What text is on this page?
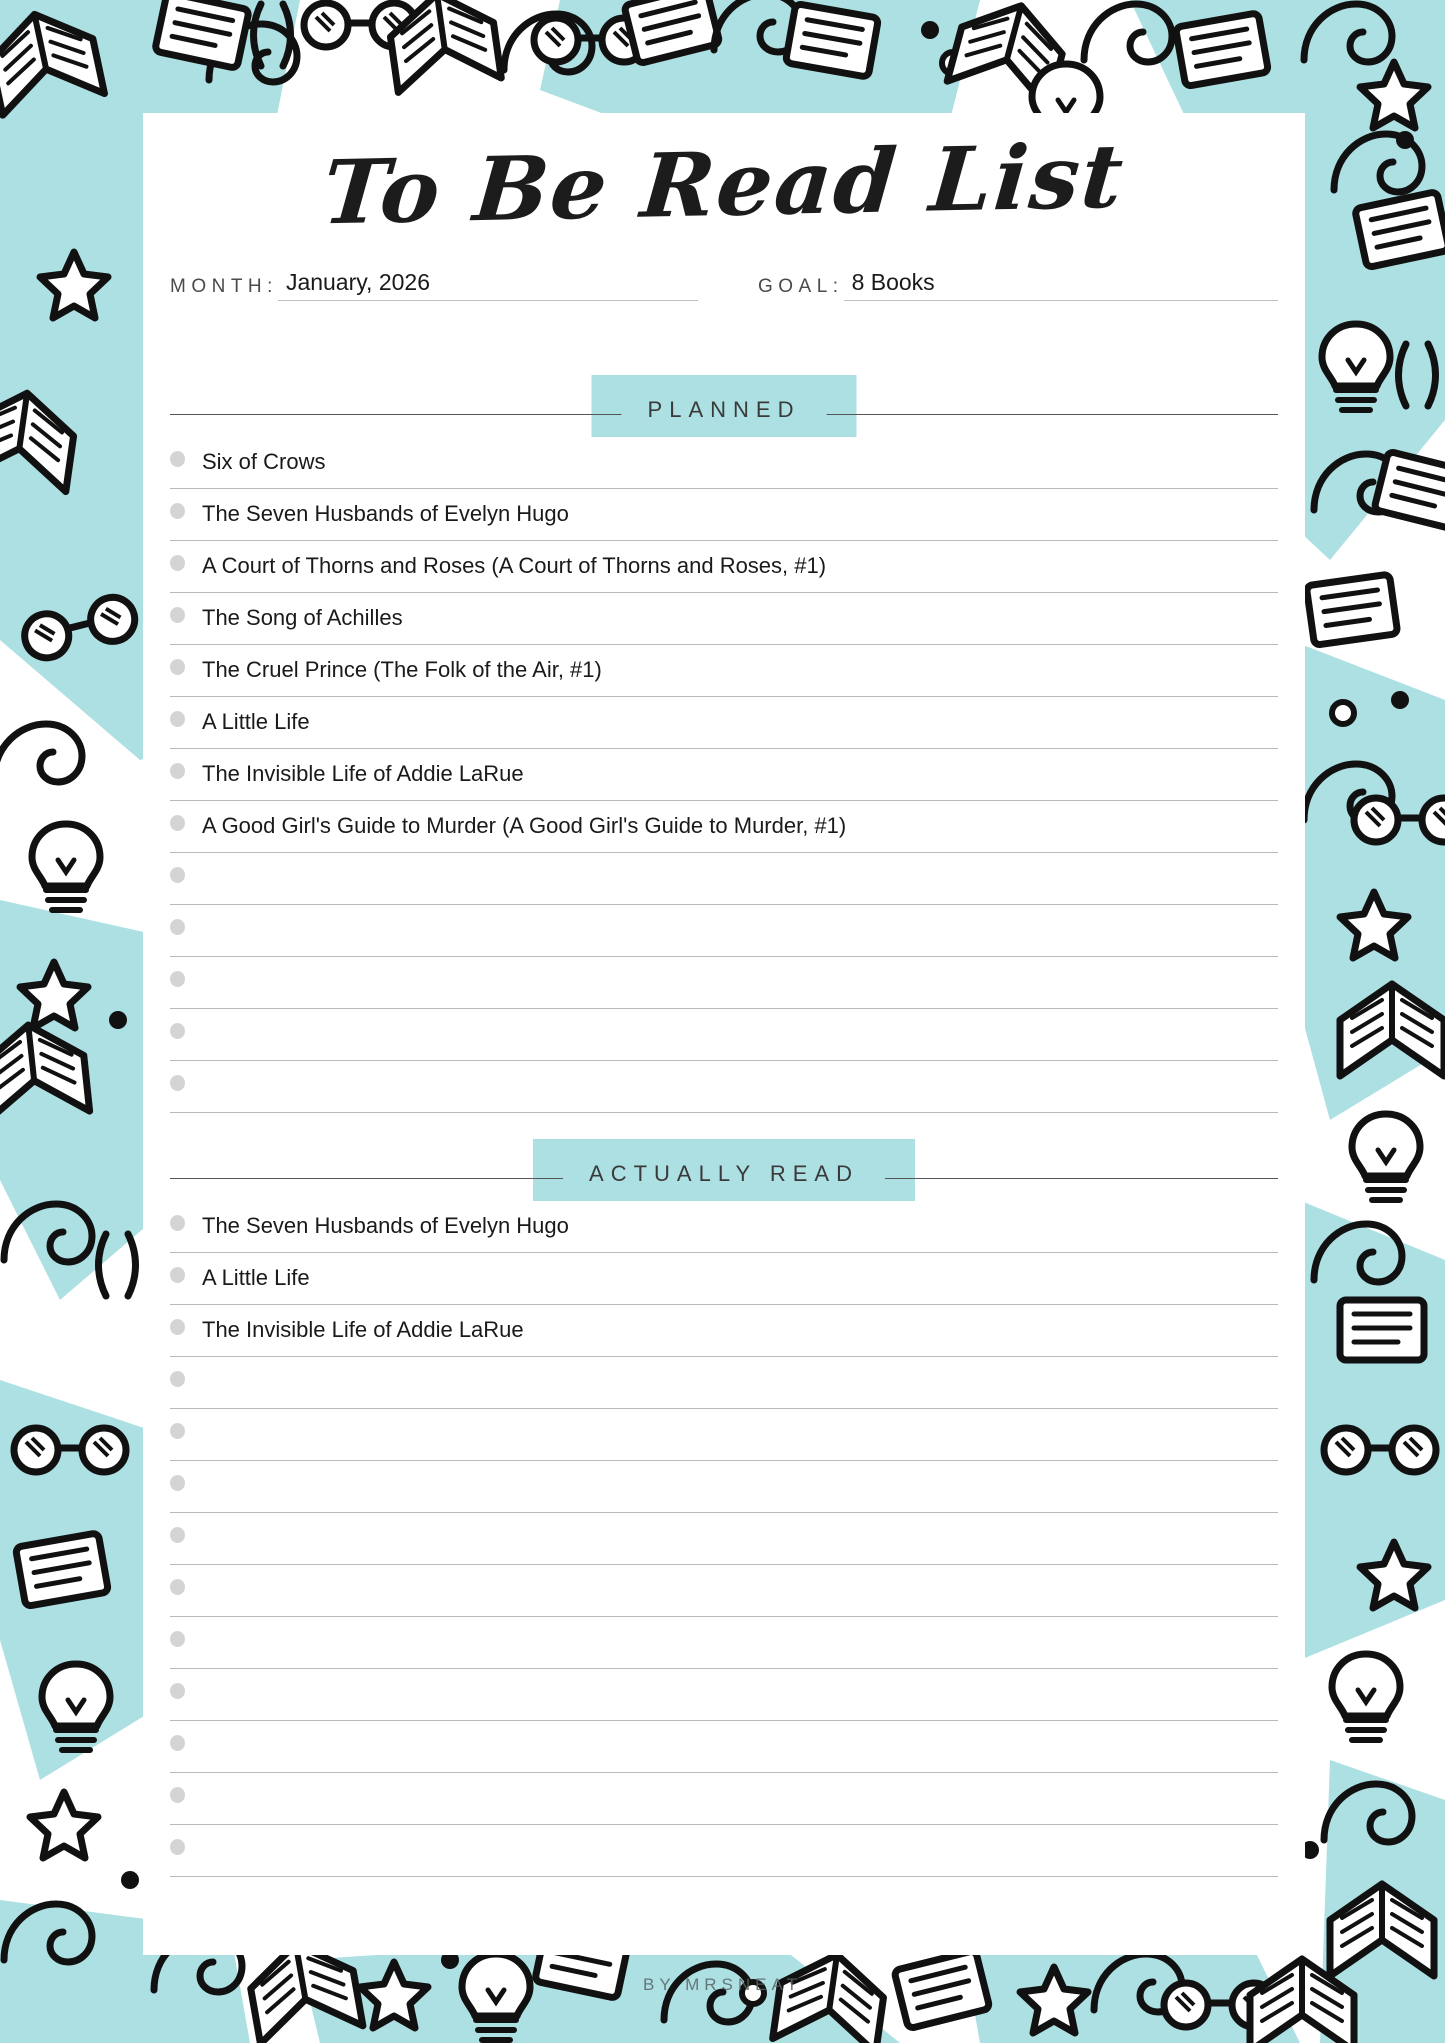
To Be Read List
MONTH: January, 2026	GOAL: 8 Books
PLANNED
Six of Crows
The Seven Husbands of Evelyn Hugo
A Court of Thorns and Roses (A Court of Thorns and Roses, #1)
The Song of Achilles
The Cruel Prince (The Folk of the Air, #1)
A Little Life
The Invisible Life of Addie LaRue
A Good Girl's Guide to Murder (A Good Girl's Guide to Murder, #1)
ACTUALLY READ
The Seven Husbands of Evelyn Hugo
A Little Life
The Invisible Life of Addie LaRue
BY MRSNEAT
